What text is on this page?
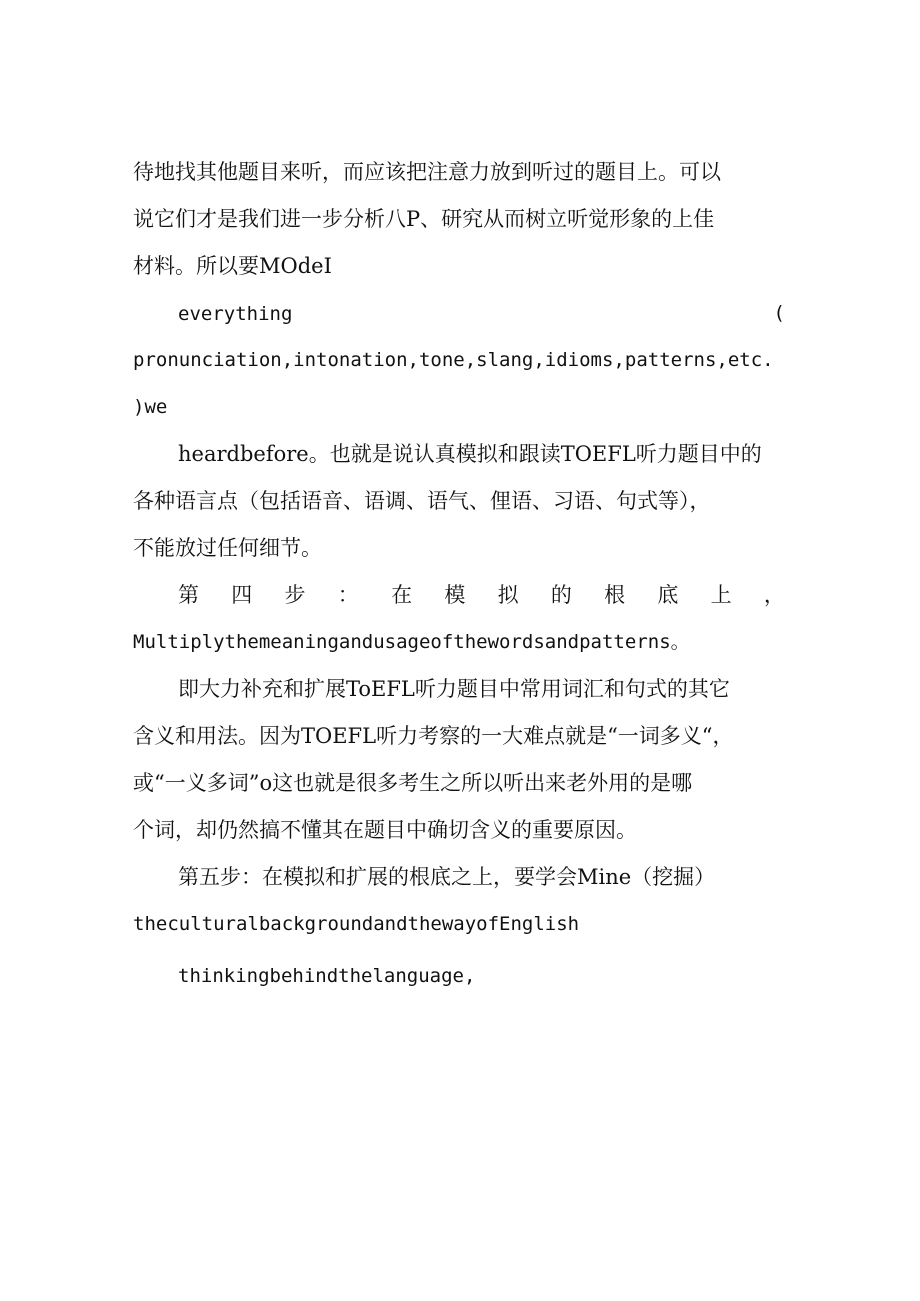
待地找其他题目来听，而应该把注意力放到听过的题目上。可以
说它们才是我们进一步分析八P、研究从而树立听觉形象的上佳
材料。所以要MOdeI
everything	(
pronunciation,intonation,tone,slang,idioms,patterns,etc.
)we
heardbefore。也就是说认真模拟和跟读TOEFL听力题目中的
各种语言点（包括语音、语调、语气、俚语、习语、句式等），
不能放过任何细节。
第 四 步 ： 在 模 拟 的 根 底 上 ，
Multiplythemeaningandusageofthewordsandpatterns。
即大力补充和扩展ToEFL听力题目中常用词汇和句式的其它
含义和用法。因为TOEFL听力考察的一大难点就是“一词多义“，
或“一义多词”o这也就是很多考生之所以听出来老外用的是哪
个词，却仍然搞不懂其在题目中确切含义的重要原因。
第五步：在模拟和扩展的根底之上，要学会Mine（挖掘）
theculturalbackgroundandthewayofEnglish
thinkingbehindthelanguage,
